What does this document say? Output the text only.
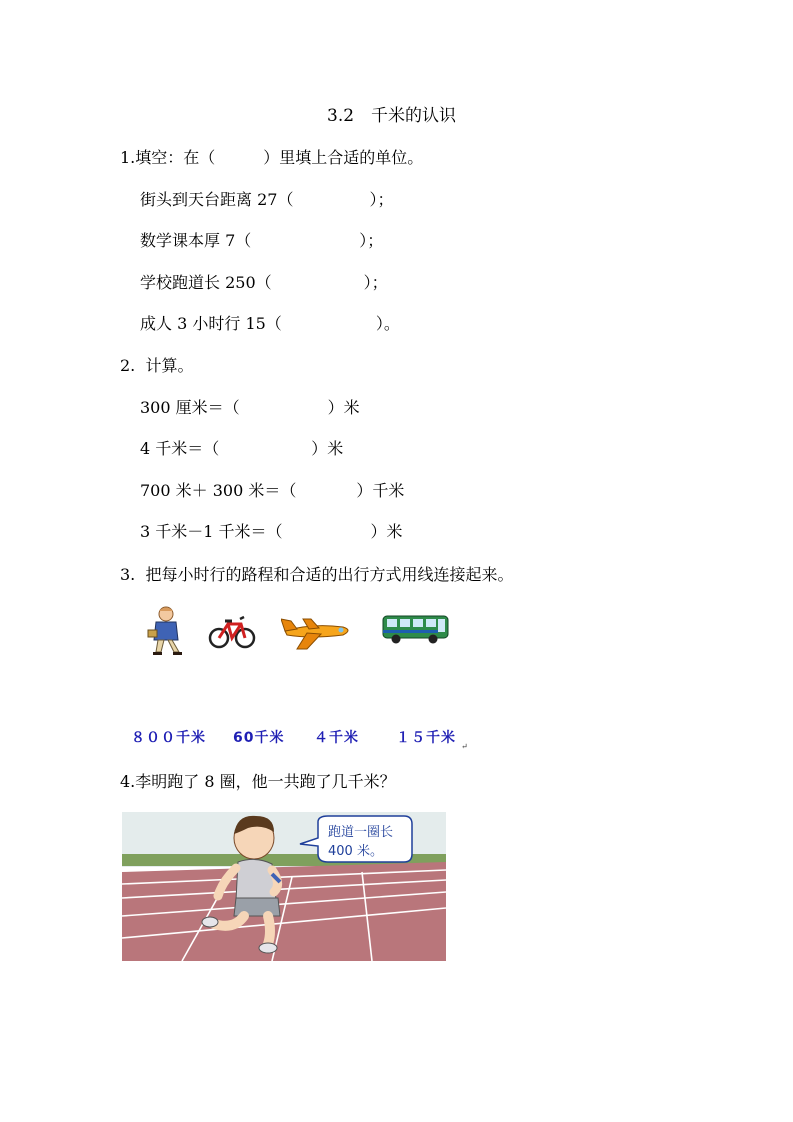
3.2　千米的认识
1.填空：在（　　　）里填上合适的单位。
街头到天台距离 27（	）；
数学课本厚 7（	）；
学校跑道长 250（	）；
成人 3 小时行 15（	）。
2.  计算。
300 厘米＝（	）米
4 千米＝（	）米
700 米＋ 300 米＝（	）千米
3 千米－1 千米＝（	）米
3.  把每小时行的路程和合适的出行方式用线连接起来。
８００千米 60千米 ４千米	１５千米
↵
4.李明跑了 8 圈，他一共跑了几千米？
跑道一圈长
400 米。
